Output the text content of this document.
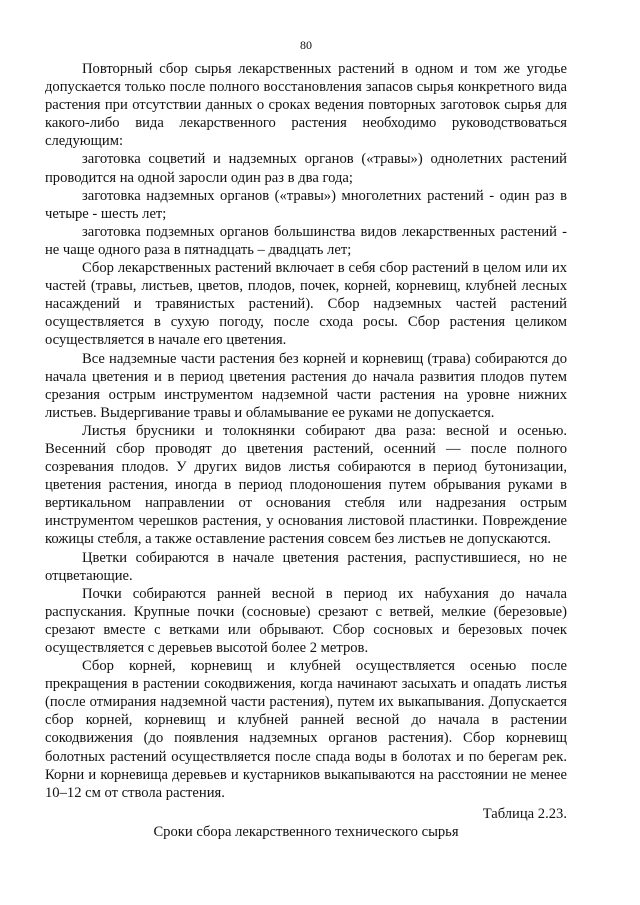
80

Повторный сбор сырья лекарственных растений в одном и том же угодье допускается только после полного восстановления запасов сырья конкретного вида растения при отсутствии данных о сроках ведения повторных заготовок сырья для какого-либо вида лекарственного растения необходимо руководствоваться следующим:

заготовка соцветий и надземных органов («травы») однолетних растений проводится на одной заросли один раз в два года;

заготовка надземных органов («травы») многолетних растений - один раз в четыре - шесть лет;

заготовка подземных органов большинства видов лекарственных растений - не чаще одного раза в пятнадцать – двадцать лет;

Сбор лекарственных растений включает в себя сбор растений в целом или их частей (травы, листьев, цветов, плодов, почек, корней, корневищ, клубней лесных насаждений и травянистых растений). Сбор надземных частей растений осуществляется в сухую погоду, после схода росы. Сбор растения целиком осуществляется в начале его цветения.

Все надземные части растения без корней и корневищ (трава) собираются до начала цветения и в период цветения растения до начала развития плодов путем срезания острым инструментом надземной части растения на уровне нижних листьев. Выдергивание травы и обламывание ее руками не допускается.

Листья брусники и толокнянки собирают два раза: весной и осенью. Весенний сбор проводят до цветения растений, осенний — после полного созревания плодов. У других видов листья собираются в период бутонизации, цветения растения, иногда в период плодоношения путем обрывания руками в вертикальном направлении от основания стебля или надрезания острым инструментом черешков растения, у основания листовой пластинки. Повреждение кожицы стебля, а также оставление растения совсем без листьев не допускаются.

Цветки собираются в начале цветения растения, распустившиеся, но не отцветающие.

Почки собираются ранней весной в период их набухания до начала распускания. Крупные почки (сосновые) срезают с ветвей, мелкие (березовые) срезают вместе с ветками или обрывают. Сбор сосновых и березовых почек осуществляется с деревьев высотой более 2 метров.

Сбор корней, корневищ и клубней осуществляется осенью после прекращения в растении сокодвижения, когда начинают засыхать и опадать листья (после отмирания надземной части растения), путем их выкапывания. Допускается сбор корней, корневищ и клубней ранней весной до начала в растении сокодвижения (до появления надземных органов растения). Сбор корневищ болотных растений осуществляется после спада воды в болотах и по берегам рек. Корни и корневища деревьев и кустарников выкапываются на расстоянии не менее 10–12 см от ствола растения.

Таблица 2.23.
Сроки сбора лекарственного технического сырья
